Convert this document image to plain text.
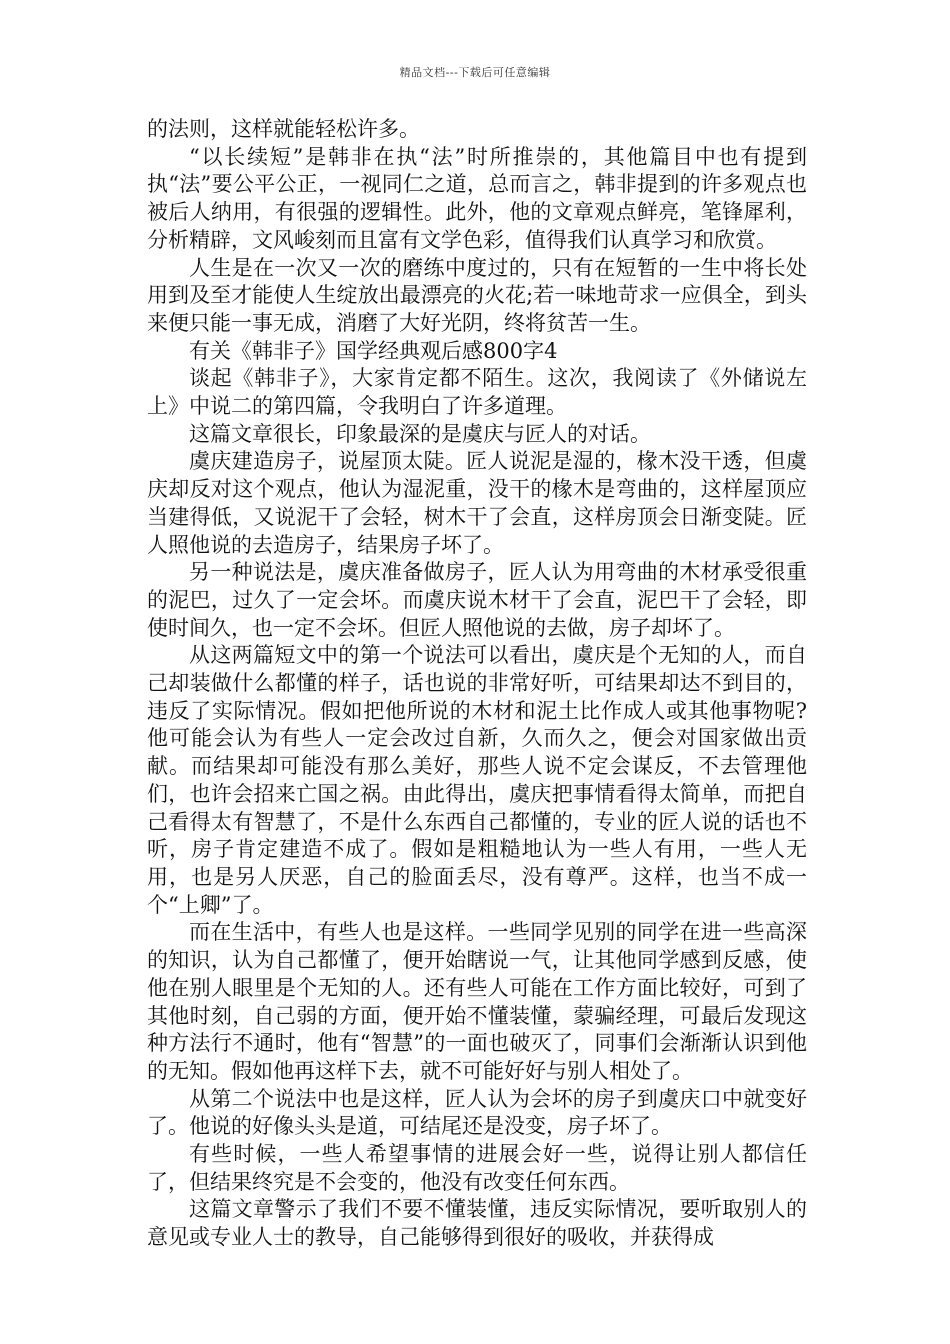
精品文档---下载后可任意编辑

的法则，这样就能轻松许多。

“以长续短”是韩非在执“法”时所推崇的，其他篇目中也有提到执“法”要公平公正，一视同仁之道，总而言之，韩非提到的许多观点也被后人纳用，有很强的逻辑性。此外，他的文章观点鲜亮，笔锋犀利，分析精辟，文风峻刻而且富有文学色彩，值得我们认真学习和欣赏。

人生是在一次又一次的磨练中度过的，只有在短暂的一生中将长处用到及至才能使人生绽放出最漂亮的火花;若一味地苛求一应俱全，到头来便只能一事无成，消磨了大好光阴，终将贫苦一生。

有关《韩非子》国学经典观后感800字4

谈起《韩非子》，大家肯定都不陌生。这次，我阅读了《外储说左上》中说二的第四篇，令我明白了许多道理。

这篇文章很长，印象最深的是虞庆与匠人的对话。

虞庆建造房子，说屋顶太陡。匠人说泥是湿的，椽木没干透，但虞庆却反对这个观点，他认为湿泥重，没干的椽木是弯曲的，这样屋顶应当建得低，又说泥干了会轻，树木干了会直，这样房顶会日渐变陡。匠人照他说的去造房子，结果房子坏了。

另一种说法是，虞庆准备做房子，匠人认为用弯曲的木材承受很重的泥巴，过久了一定会坏。而虞庆说木材干了会直，泥巴干了会轻，即使时间久，也一定不会坏。但匠人照他说的去做，房子却坏了。

从这两篇短文中的第一个说法可以看出，虞庆是个无知的人，而自己却装做什么都懂的样子，话也说的非常好听，可结果却达不到目的，违反了实际情况。假如把他所说的木材和泥土比作成人或其他事物呢?他可能会认为有些人一定会改过自新，久而久之，便会对国家做出贡献。而结果却可能没有那么美好，那些人说不定会谋反，不去管理他们，也许会招来亡国之祸。由此得出，虞庆把事情看得太简单，而把自己看得太有智慧了，不是什么东西自己都懂的，专业的匠人说的话也不听，房子肯定建造不成了。假如是粗糙地认为一些人有用，一些人无用，也是另人厌恶，自己的脸面丢尽，没有尊严。这样，也当不成一个“上卿”了。

而在生活中，有些人也是这样。一些同学见别的同学在进一些高深的知识，认为自己都懂了，便开始瞎说一气，让其他同学感到反感，使他在别人眼里是个无知的人。还有些人可能在工作方面比较好，可到了其他时刻，自己弱的方面，便开始不懂装懂，蒙骗经理，可最后发现这种方法行不通时，他有“智慧”的一面也破灭了，同事们会渐渐认识到他的无知。假如他再这样下去，就不可能好好与别人相处了。

从第二个说法中也是这样，匠人认为会坏的房子到虞庆口中就变好了。他说的好像头头是道，可结尾还是没变，房子坏了。

有些时候，一些人希望事情的进展会好一些，说得让别人都信任了，但结果终究是不会变的，他没有改变任何东西。

这篇文章警示了我们不要不懂装懂，违反实际情况，要听取别人的意见或专业人士的教导，自己能够得到很好的吸收，并获得成
